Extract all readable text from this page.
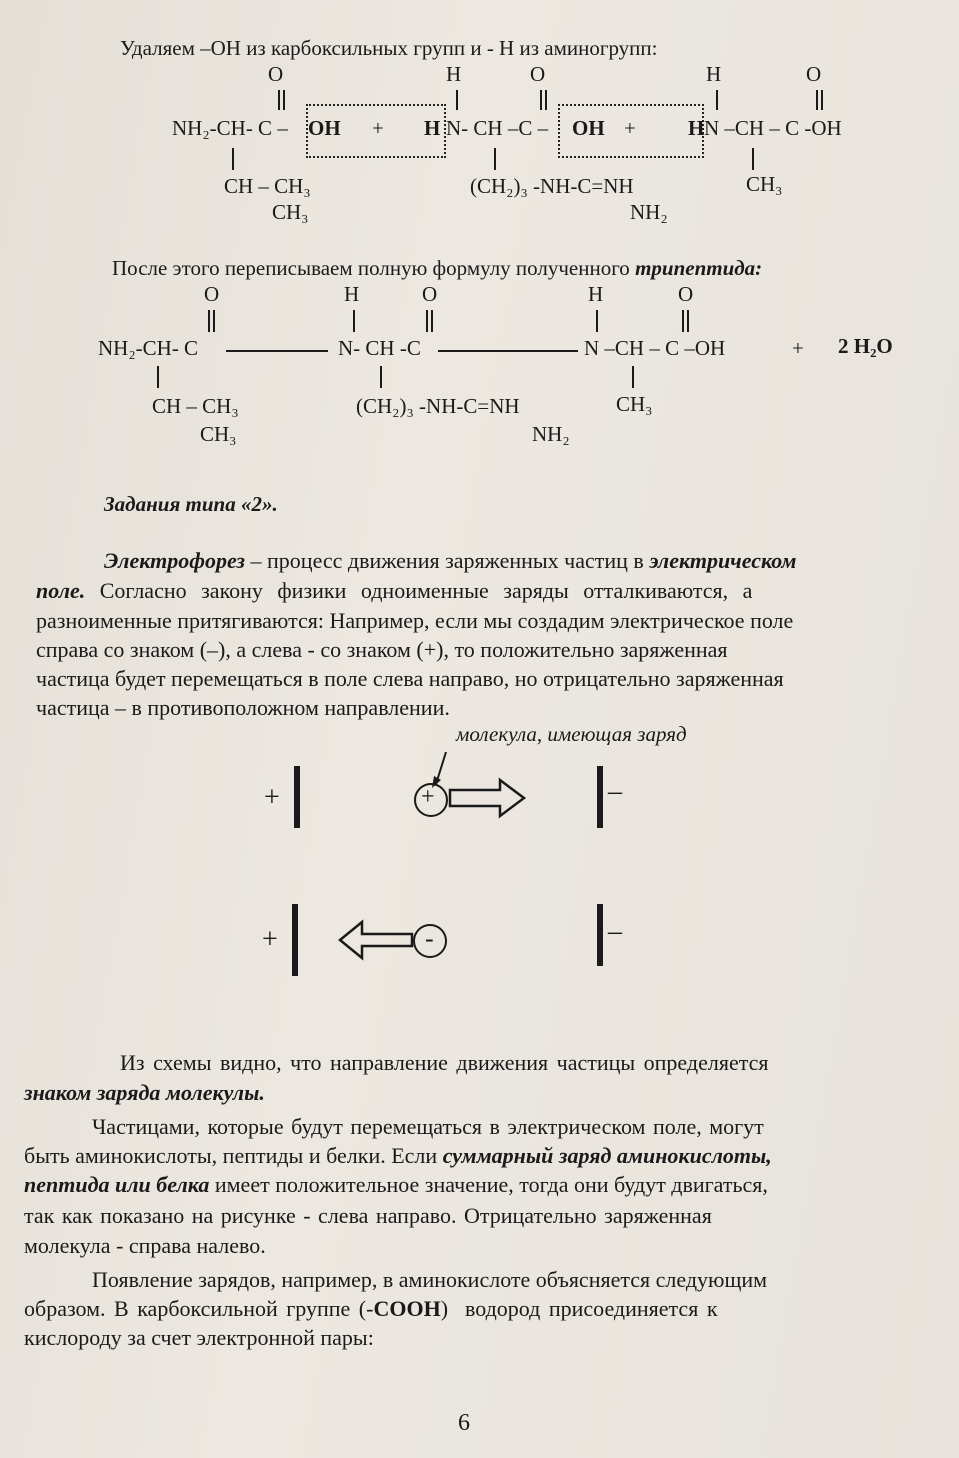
Удаляем –ОН из карбоксильных групп и - Н из аминогрупп:
O	H	O	H	O
NH₂-CH- C – OH + H N- CH –C – OH + H N –CH – C -OH
CH – CH₃
CH₃
(CH₂)₃ -NH-C=NH
NH₂
CH₃
После этого переписываем полную формулу полученного трипептида:
O	H	O	H	O
NH₂-CH- C	N- CH -C	N –CH – C –OH	+ 2 H₂O
CH – CH₃
CH₃
(CH₂)₃ -NH-C=NH
NH₂
CH₃
Задания типа «2».
Электрофорез – процесс движения заряженных частиц в электрическом
поле. Согласно закону физики одноименные заряды отталкиваются, а
разноименные притягиваются: Например, если мы создадим электрическое поле
справа со знаком (–), а слева - со знаком (+), то положительно заряженная
частица будет перемещаться в поле слева направо, но отрицательно заряженная
частица – в противоположном направлении.
молекула, имеющая заряд
+	–
+
+	–
-
Из схемы видно, что направление движения частицы определяется
знаком заряда молекулы.
Частицами, которые будут перемещаться в электрическом поле, могут
быть аминокислоты, пептиды и белки. Если суммарный заряд аминокислоты,
пептида или белка имеет положительное значение, тогда они будут двигаться,
так как показано на рисунке - слева направо. Отрицательно заряженная
молекула - справа налево.
Появление зарядов, например, в аминокислоте объясняется следующим
образом. В карбоксильной группе (-COOH)  водород присоединяется к
кислороду за счет электронной пары:
6
